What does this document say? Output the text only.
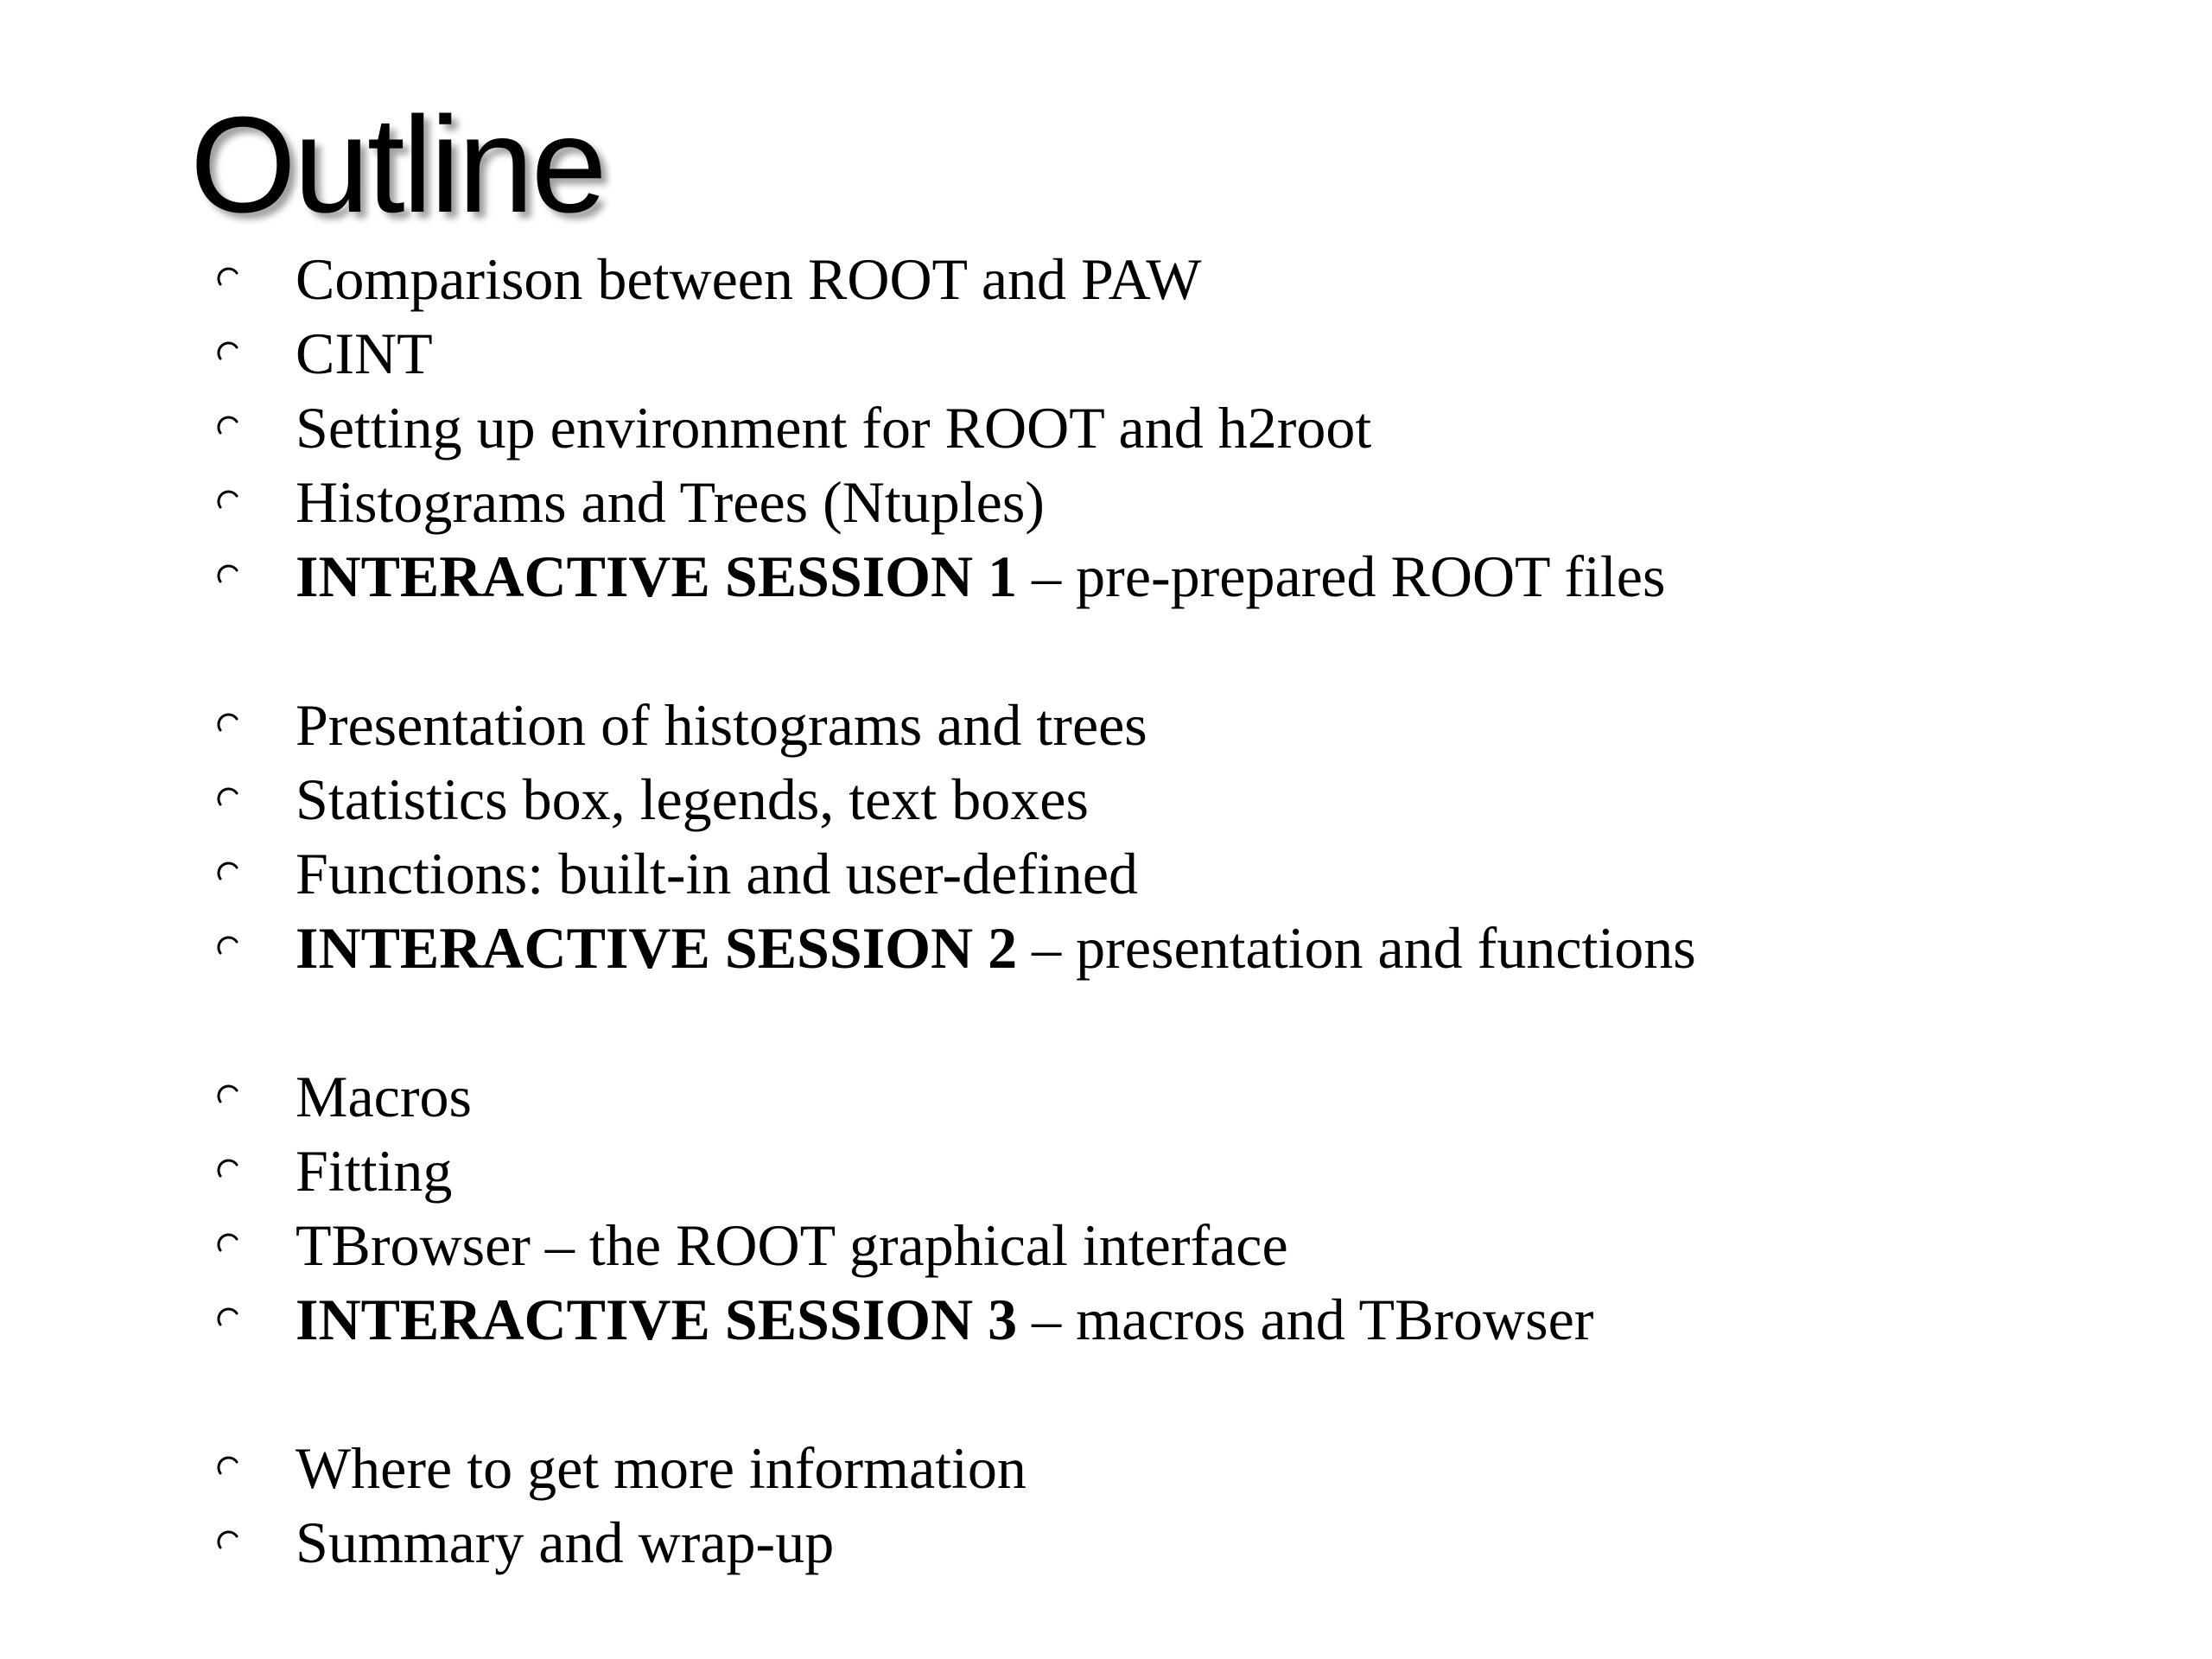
Outline
Comparison between ROOT and PAW
CINT
Setting up environment for ROOT and h2root
Histograms and Trees (Ntuples)
INTERACTIVE SESSION 1 – pre-prepared ROOT files
Presentation of histograms and trees
Statistics box, legends, text boxes
Functions: built-in and user-defined
INTERACTIVE SESSION 2 – presentation and functions
Macros
Fitting
TBrowser – the ROOT graphical interface
INTERACTIVE SESSION 3 – macros and TBrowser
Where to get more information
Summary and wrap-up
